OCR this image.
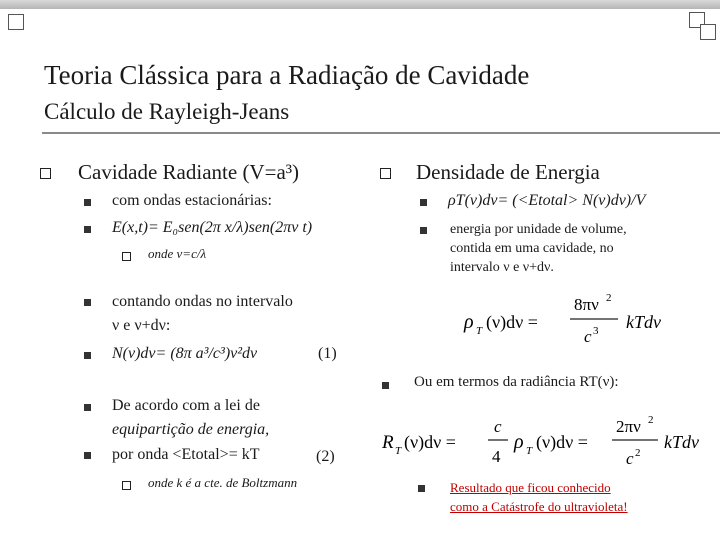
Teoria Clássica para a Radiação de Cavidade
Cálculo de Rayleigh-Jeans
Cavidade Radiante (V=a³)
com ondas estacionárias:
E(x,t)= E₀sen(2π x/λ)sen(2πν t)
onde ν=c/λ
contando ondas no intervalo
ν e ν+dν:
N(ν)dν= (8π a³/c³)ν²dν	(1)
De acordo com a lei de
equipartição de energia,
por onda <Etotal>= kT	(2)
onde k é a cte. de Boltzmann
Densidade de Energia
ρT(ν)dν= (<Etotal> N(ν)dν)/V
energia por unidade de volume,
contida em uma cavidade, no
intervalo ν e ν+dν.
ρ T (ν)dν =
8πν 2
c 3 kTdν
Ou em termos da radiância RT(ν):
R T (ν)dν =
c
4
ρ T (ν)dν =
2πν 2
c 2
kTdν
Resultado que ficou conhecido
como a Catástrofe do ultravioleta!
